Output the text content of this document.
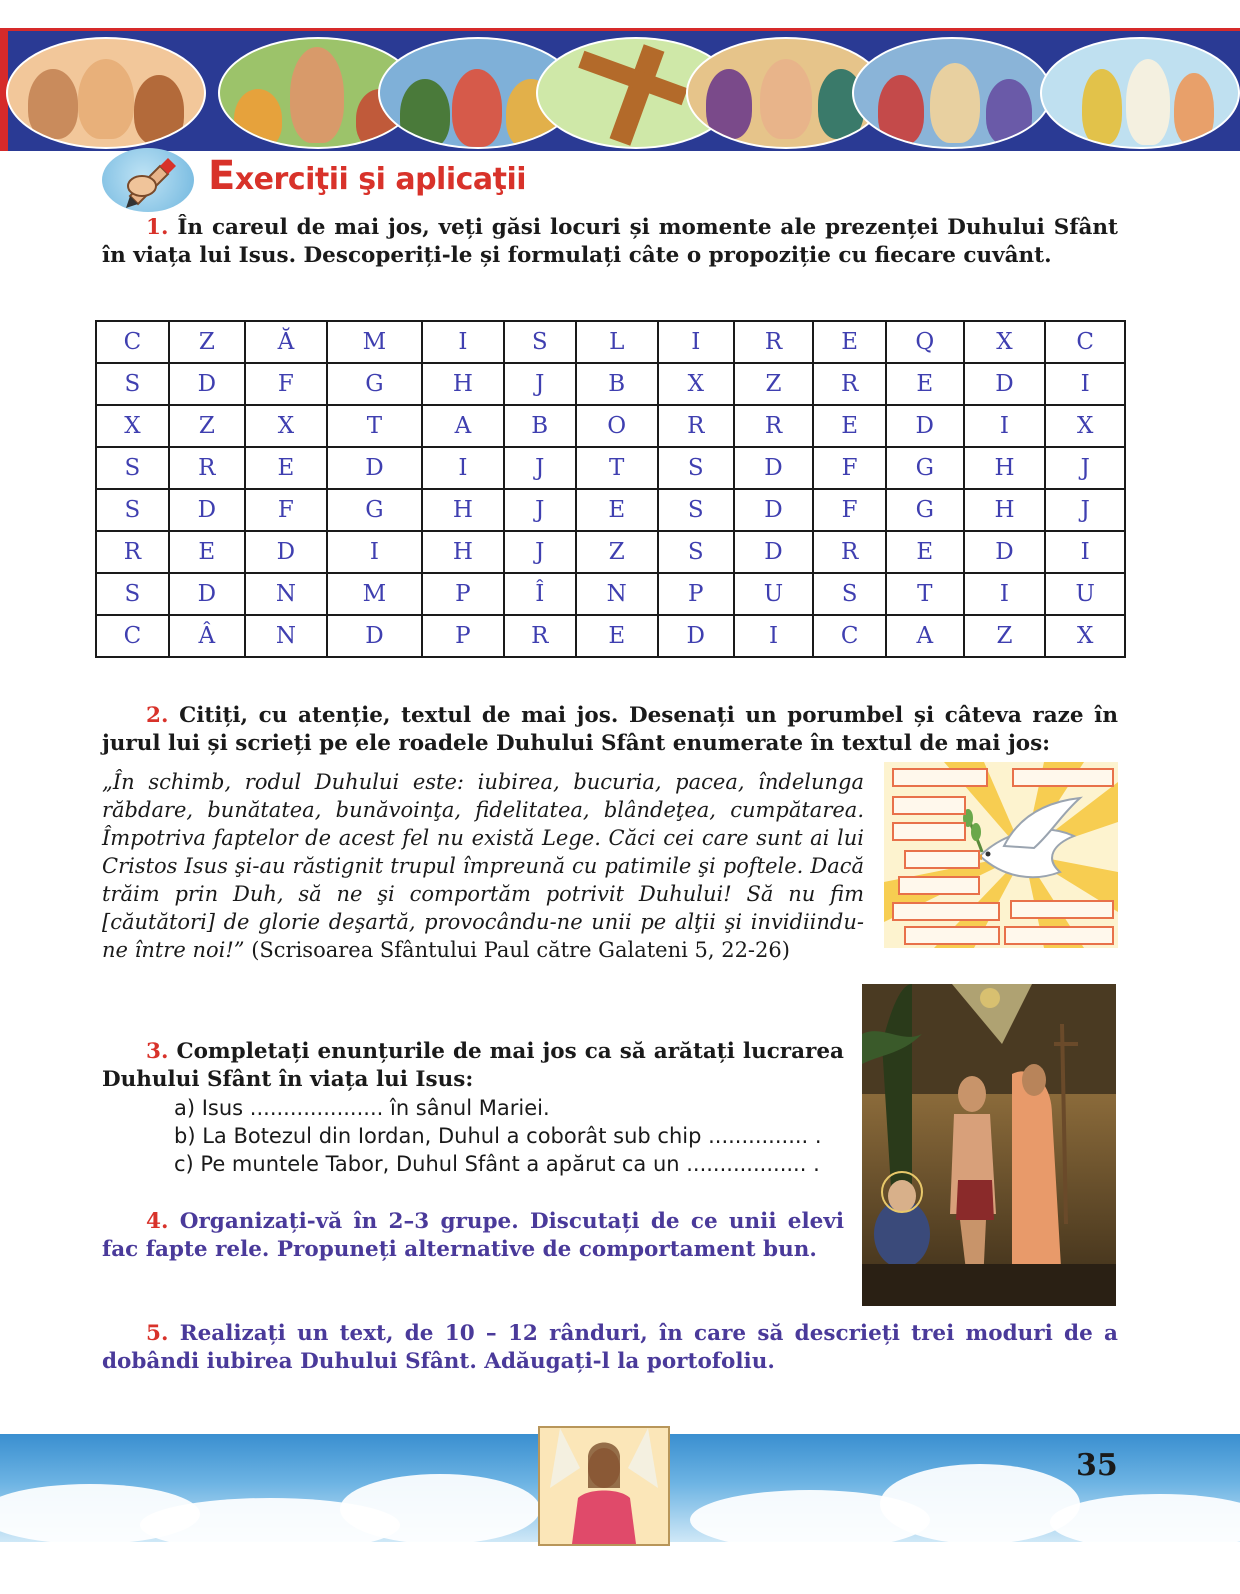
Exerciţii şi aplicaţii

1. În careul de mai jos, veți găsi locuri și momente ale prezenței Duhului Sfânt în viața lui Isus. Descoperiți-le și formulați câte o propoziție cu fiecare cuvânt.

C	Z	Ă	M	I	S	L	I	R	E	Q	X	C
S	D	F	G	H	J	B	X	Z	R	E	D	I
X	Z	X	T	A	B	O	R	R	E	D	I	X
S	R	E	D	I	J	T	S	D	F	G	H	J
S	D	F	G	H	J	E	S	D	F	G	H	J
R	E	D	I	H	J	Z	S	D	R	E	D	I
S	D	N	M	P	Î	N	P	U	S	T	I	U
C	Â	N	D	P	R	E	D	I	C	A	Z	X

2. Citiți, cu atenție, textul de mai jos. Desenați un porumbel și câteva raze în jurul lui și scrieți pe ele roadele Duhului Sfânt enumerate în textul de mai jos:

„În schimb, rodul Duhului este: iubirea, bucuria, pacea, îndelunga răbdare, bunătatea, bunăvoinţa, fidelitatea, blândeţea, cumpătarea. Împotriva faptelor de acest fel nu există Lege. Căci cei care sunt ai lui Cristos Isus şi-au răstignit trupul împreună cu patimile şi poftele. Dacă trăim prin Duh, să ne şi comportăm potrivit Duhului! Să nu fim [căutători] de glorie deşartă, provocându-ne unii pe alţii şi invidiindu-ne între noi!” (Scrisoarea Sfântului Paul către Galateni 5, 22-26)

3. Completați enunțurile de mai jos ca să arătați lucrarea Duhului Sfânt în viața lui Isus:

a) Isus .................... în sânul Mariei.
b) La Botezul din Iordan, Duhul a coborât sub chip ............... .
c) Pe muntele Tabor, Duhul Sfânt a apărut ca un .................. .

4. Organizați-vă în 2–3 grupe. Discutați de ce unii elevi fac fapte rele. Propuneți alternative de comportament bun.

5. Realizați un text, de 10 – 12 rânduri, în care să descrieți trei moduri de a dobândi iubirea Duhului Sfânt. Adăugați-l la portofoliu.

35
